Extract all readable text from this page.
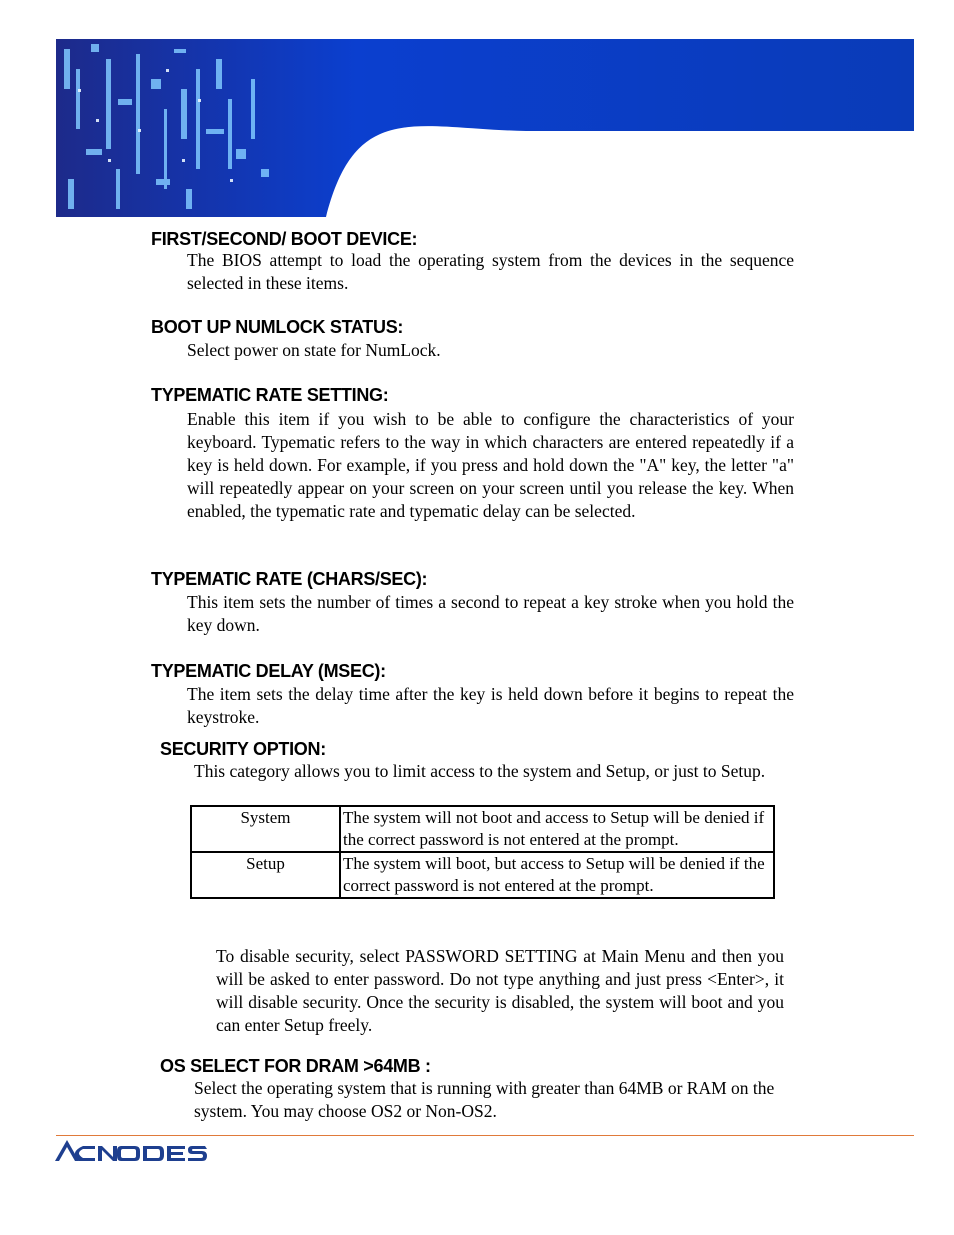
FIRST/SECOND/ BOOT DEVICE:
The BIOS attempt to load the operating system from the devices in the sequence selected in these items.
BOOT UP NUMLOCK STATUS:
Select power on state for NumLock.
TYPEMATIC RATE SETTING:
Enable this item if you wish to be able to configure the characteristics of your keyboard. Typematic refers to the way in which characters are entered repeatedly if a key is held down. For example, if you press and hold down the "A" key, the letter "a" will repeatedly appear on your screen on your screen until you release the key. When enabled, the typematic rate and typematic delay can be selected.
TYPEMATIC RATE (CHARS/SEC):
This item sets the number of times a second to repeat a key stroke when you hold the key down.
TYPEMATIC DELAY (MSEC):
The item sets the delay time after the key is held down before it begins to repeat the keystroke.
SECURITY OPTION:
This category allows you to limit access to the system and Setup, or just to Setup.
System	The system will not boot and access to Setup will be denied if the correct password is not entered at the prompt.
Setup	The system will boot, but access to Setup will be denied if the correct password is not entered at the prompt.
To disable security, select PASSWORD SETTING at Main Menu and then you will be asked to enter password. Do not type anything and just press <Enter>, it will disable security. Once the security is disabled, the system will boot and you can enter Setup freely.
OS SELECT FOR DRAM >64MB :
Select the operating system that is running with greater than 64MB or RAM on the system. You may choose OS2 or Non-OS2.
